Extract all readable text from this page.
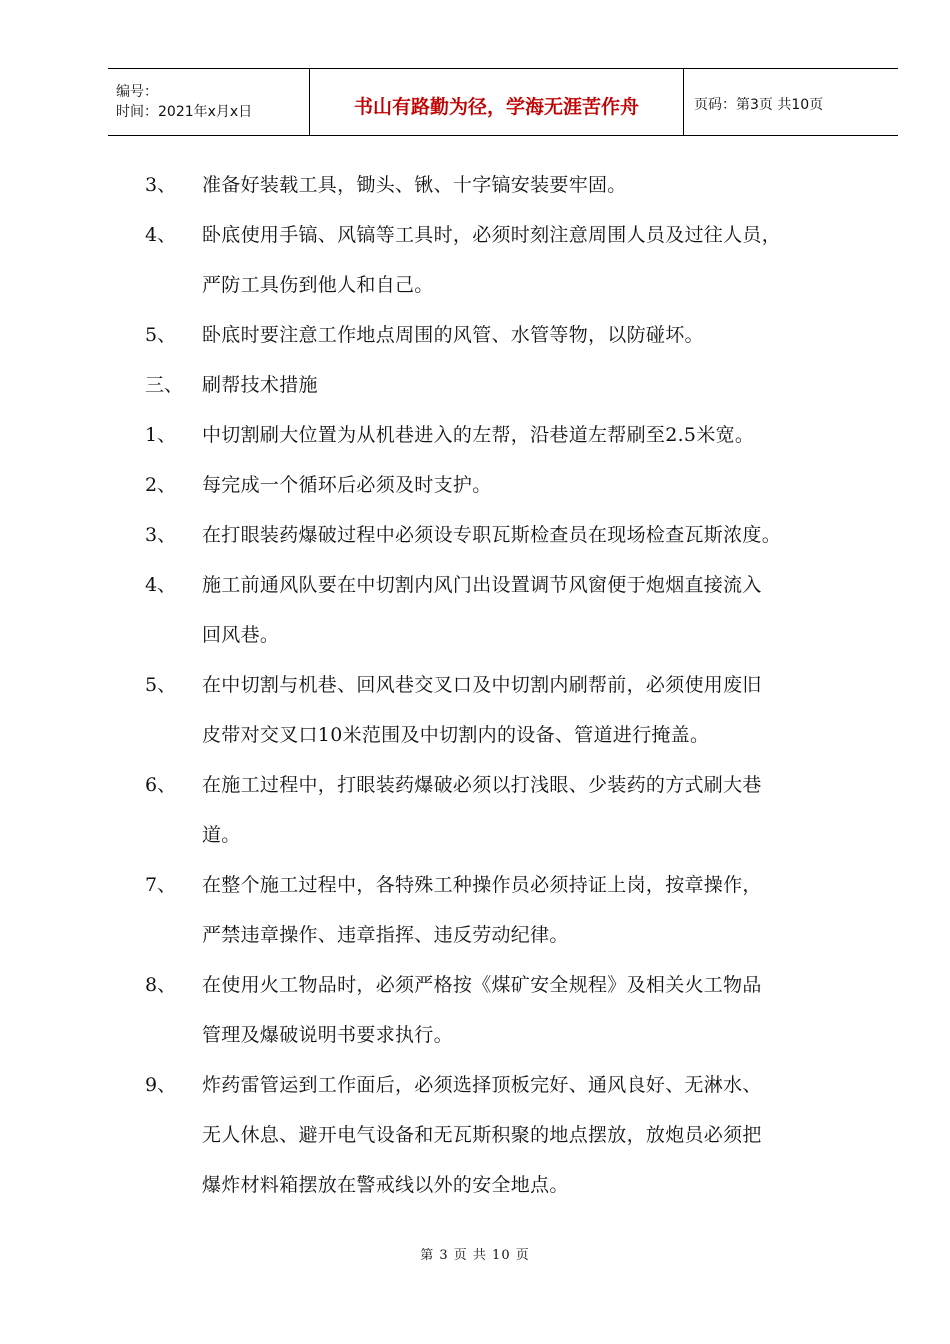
编号：
时间：2021年x月x日	书山有路勤为径，学海无涯苦作舟	页码：第3页 共10页
3、 准备好装载工具，锄头、锹、十字镐安装要牢固。
4、 卧底使用手镐、风镐等工具时，必须时刻注意周围人员及过往人员，
严防工具伤到他人和自己。
5、 卧底时要注意工作地点周围的风管、水管等物，以防碰坏。
三、 刷帮技术措施
1、 中切割刷大位置为从机巷进入的左帮，沿巷道左帮刷至2.5米宽。
2、 每完成一个循环后必须及时支护。
3、 在打眼装药爆破过程中必须设专职瓦斯检查员在现场检查瓦斯浓度。
4、 施工前通风队要在中切割内风门出设置调节风窗便于炮烟直接流入
回风巷。
5、 在中切割与机巷、回风巷交叉口及中切割内刷帮前，必须使用废旧
皮带对交叉口10米范围及中切割内的设备、管道进行掩盖。
6、 在施工过程中，打眼装药爆破必须以打浅眼、少装药的方式刷大巷
道。
7、 在整个施工过程中，各特殊工种操作员必须持证上岗，按章操作，
严禁违章操作、违章指挥、违反劳动纪律。
8、 在使用火工物品时，必须严格按《煤矿安全规程》及相关火工物品
管理及爆破说明书要求执行。
9、 炸药雷管运到工作面后，必须选择顶板完好、通风良好、无淋水、
无人休息、避开电气设备和无瓦斯积聚的地点摆放，放炮员必须把
爆炸材料箱摆放在警戒线以外的安全地点。
第 3 页 共 10 页
